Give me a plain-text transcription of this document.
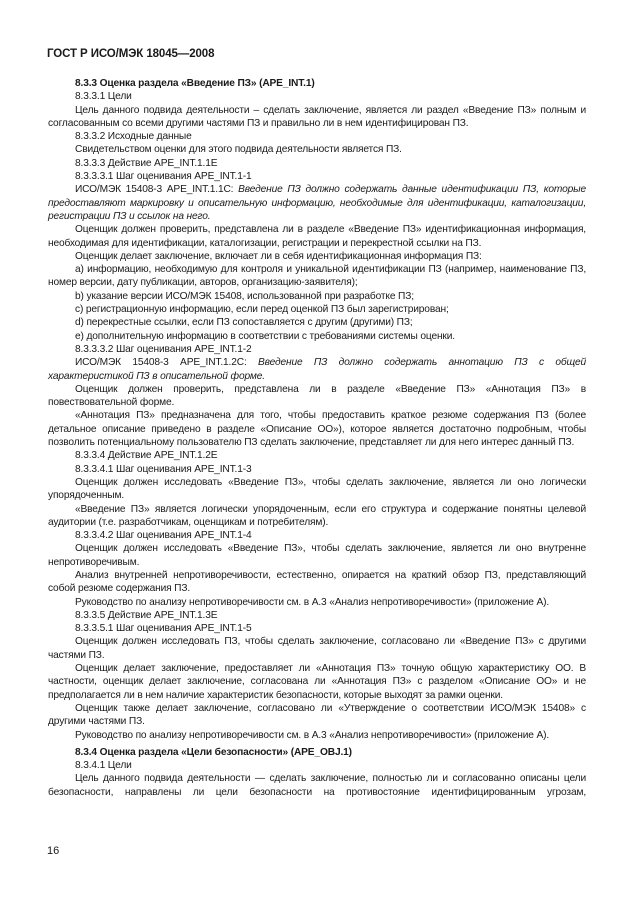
ГОСТ Р ИСО/МЭК 18045—2008

8.3.3 Оценка раздела «Введение ПЗ» (APE_INT.1)

8.3.3.1 Цели

Цель данного подвида деятельности – сделать заключение, является ли раздел «Введение ПЗ» полным и согласованным со всеми другими частями ПЗ и правильно ли в нем идентифицирован ПЗ.

8.3.3.2 Исходные данные

Свидетельством оценки для этого подвида деятельности является ПЗ.

8.3.3.3 Действие APE_INT.1.1E

8.3.3.3.1 Шаг оценивания APE_INT.1-1

ИСО/МЭК 15408-3 APE_INT.1.1C: Введение ПЗ должно содержать данные идентификации ПЗ, которые предоставляют маркировку и описательную информацию, необходимые для идентификации, каталогизации, регистрации ПЗ и ссылок на него.

Оценщик должен проверить, представлена ли в разделе «Введение ПЗ» идентификационная информация, необходимая для идентификации, каталогизации, регистрации и перекрестной ссылки на ПЗ.

Оценщик делает заключение, включает ли в себя идентификационная информация ПЗ:

a) информацию, необходимую для контроля и уникальной идентификации ПЗ (например, наименование ПЗ, номер версии, дату публикации, авторов, организацию-заявителя);

b) указание версии ИСО/МЭК 15408, использованной при разработке ПЗ;

c) регистрационную информацию, если перед оценкой ПЗ был зарегистрирован;

d) перекрестные ссылки, если ПЗ сопоставляется с другим (другими) ПЗ;

e) дополнительную информацию в соответствии с требованиями системы оценки.

8.3.3.3.2 Шаг оценивания APE_INT.1-2

ИСО/МЭК 15408-3 APE_INT.1.2C: Введение ПЗ должно содержать аннотацию ПЗ с общей характеристикой ПЗ в описательной форме.

Оценщик должен проверить, представлена ли в разделе «Введение ПЗ» «Аннотация ПЗ» в повествовательной форме.

«Аннотация ПЗ» предназначена для того, чтобы предоставить краткое резюме содержания ПЗ (более детальное описание приведено в разделе «Описание ОО»), которое является достаточно подробным, чтобы позволить потенциальному пользователю ПЗ сделать заключение, представляет ли для него интерес данный ПЗ.

8.3.3.4 Действие APE_INT.1.2E

8.3.3.4.1 Шаг оценивания APE_INT.1-3

Оценщик должен исследовать «Введение ПЗ», чтобы сделать заключение, является ли оно логически упорядоченным.

«Введение ПЗ» является логически упорядоченным, если его структура и содержание понятны целевой аудитории (т.е. разработчикам, оценщикам и потребителям).

8.3.3.4.2 Шаг оценивания APE_INT.1-4

Оценщик должен исследовать «Введение ПЗ», чтобы сделать заключение, является ли оно внутренне непротиворечивым.

Анализ внутренней непротиворечивости, естественно, опирается на краткий обзор ПЗ, представляющий собой резюме содержания ПЗ.

Руководство по анализу непротиворечивости см. в А.3 «Анализ непротиворечивости» (приложение А).

8.3.3.5 Действие APE_INT.1.3E

8.3.3.5.1 Шаг оценивания APE_INT.1-5

Оценщик должен исследовать ПЗ, чтобы сделать заключение, согласовано ли «Введение ПЗ» с другими частями ПЗ.

Оценщик делает заключение, предоставляет ли «Аннотация ПЗ» точную общую характеристику ОО. В частности, оценщик делает заключение, согласована ли «Аннотация ПЗ» с разделом «Описание ОО» и не предполагается ли в нем наличие характеристик безопасности, которые выходят за рамки оценки.

Оценщик также делает заключение, согласовано ли «Утверждение о соответствии ИСО/МЭК 15408» с другими частями ПЗ.

Руководство по анализу непротиворечивости см. в А.3 «Анализ непротиворечивости» (приложение А).

8.3.4 Оценка раздела «Цели безопасности» (APE_OBJ.1)

8.3.4.1 Цели

Цель данного подвида деятельности — сделать заключение, полностью ли и согласованно описаны цели безопасности, направлены ли цели безопасности на противостояние идентифицированным угрозам,

16
